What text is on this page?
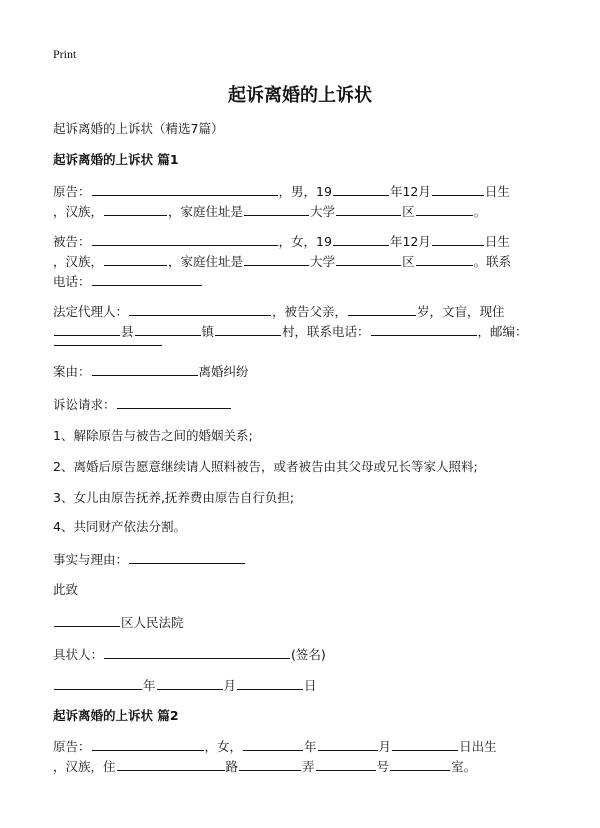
Print
起诉离婚的上诉状
起诉离婚的上诉状（精选7篇）
起诉离婚的上诉状 篇1
原告：	，男，19	年12月	日生
，汉族，	，家庭住址是	大学	区	。
被告：	，女，19	年12月	日生
，汉族，	，家庭住址是	大学	区	。联系
电话：
法定代理人：	，被告父亲，	岁，文盲，现住
县	镇	村，联系电话：	，邮编：
案由：	离婚纠纷
诉讼请求：
1、解除原告与被告之间的婚姻关系;
2、离婚后原告愿意继续请人照料被告，或者被告由其父母或兄长等家人照料;
3、女儿由原告抚养,抚养费由原告自行负担;
4、共同财产依法分割。
事实与理由：
此致
区人民法院
具状人：	(签名)
年	月	日
起诉离婚的上诉状 篇2
原告：	，女，	年	月	日出生
，汉族，住	路	弄	号	室。
